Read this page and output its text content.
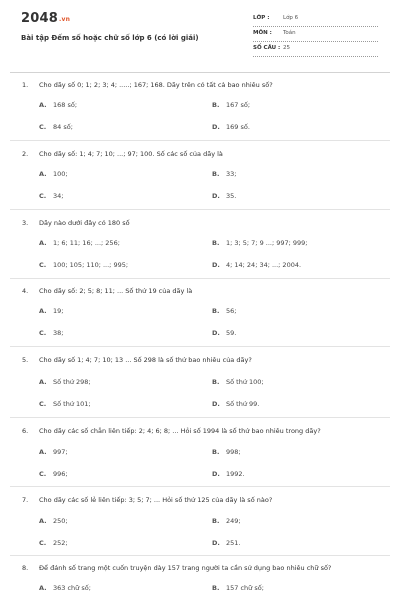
2048.vn
Bài tập Đếm số hoặc chữ số lớp 6 (có lời giải)
LỚP : Lớp 6
MÔN : Toán
SỐ CÂU : 25
1. Cho dãy số 0; 1; 2; 3; 4; .....; 167; 168. Dãy trên có tất cả bao nhiêu số?
A. 168 số;	B. 167 số;
C. 84 số;	D. 169 số.
2. Cho dãy số: 1; 4; 7; 10; ...; 97; 100. Số các số của dãy là
A. 100;	B. 33;
C. 34;	D. 35.
3. Dãy nào dưới đây có 180 số
A. 1; 6; 11; 16; ...; 256;	B. 1; 3; 5; 7; 9 ...; 997; 999;
C. 100; 105; 110; ...; 995;	D. 4; 14; 24; 34; ...; 2004.
4. Cho dãy số: 2; 5; 8; 11; ... Số thứ 19 của dãy là
A. 19;	B. 56;
C. 38;	D. 59.
5. Cho dãy số 1; 4; 7; 10; 13 ... Số 298 là số thứ bao nhiêu của dãy?
A. Số thứ 298;	B. Số thứ 100;
C. Số thứ 101;	D. Số thứ 99.
6. Cho dãy các số chẵn liên tiếp: 2; 4; 6; 8; ... Hỏi số 1994 là số thứ bao nhiêu trong dãy?
A. 997;	B. 998;
C. 996;	D. 1992.
7. Cho dãy các số lẻ liên tiếp: 3; 5; 7; ... Hỏi số thứ 125 của dãy là số nào?
A. 250;	B. 249;
C. 252;	D. 251.
8. Để đánh số trang một cuốn truyện dày 157 trang người ta cần sử dụng bao nhiêu chữ số?
A. 363 chữ số;	B. 157 chữ số;
